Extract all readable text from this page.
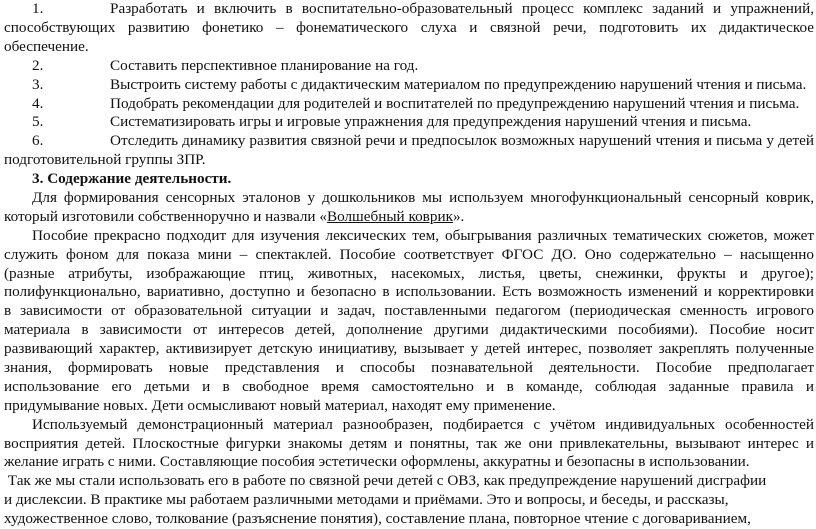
1.	Разработать и включить в воспитательно-образовательный процесс комплекс заданий и упражнений,
способствующих развитию фонетико – фонематического слуха и связной речи, подготовить их дидактическое
обеспечение.
2.	Составить перспективное планирование на год.
3.	Выстроить систему работы с дидактическим материалом по предупреждению нарушений чтения и письма.
4.	Подобрать рекомендации для родителей и воспитателей по предупреждению нарушений чтения и письма.
5.	Систематизировать игры и игровые упражнения для предупреждения нарушений чтения и письма.
6.	Отследить динамику развития связной речи и предпосылок возможных нарушений чтения и письма у детей
подготовительной группы ЗПР.
3. Содержание деятельности.
Для формирования сенсорных эталонов у дошкольников мы используем многофункциональный сенсорный коврик,
который изготовили собственноручно и назвали «Волшебный коврик».
Пособие прекрасно подходит для изучения лексических тем, обыгрывания различных тематических сюжетов, может
служить фоном для показа мини – спектаклей. Пособие соответствует ФГОС ДО. Оно содержательно – насыщенно
(разные атрибуты, изображающие птиц, животных, насекомых, листья, цветы, снежинки, фрукты и другое);
полифункционально, вариативно, доступно и безопасно в использовании. Есть возможность изменений и корректировки
в зависимости от образовательной ситуации и задач, поставленными педагогом (периодическая сменность игрового
материала в зависимости от интересов детей, дополнение другими дидактическими пособиями). Пособие носит
развивающий характер, активизирует детскую инициативу, вызывает у детей интерес, позволяет закреплять полученные
знания, формировать новые представления и способы познавательной деятельности. Пособие предполагает
использование его детьми и в свободное время самостоятельно и в команде, соблюдая заданные правила и
придумывание новых. Дети осмысливают новый материал, находят ему применение.
Используемый демонстрационный материал разнообразен, подбирается с учётом индивидуальных особенностей
восприятия детей. Плоскостные фигурки знакомы детям и понятны, так же они привлекательны, вызывают интерес и
желание играть с ними. Составляющие пособия эстетически оформлены, аккуратны и безопасны в использовании.
Так же мы стали использовать его в работе по связной речи детей с ОВЗ, как предупреждение нарушений дисграфии
и дислексии. В практике мы работаем различными методами и приёмами. Это и вопросы, и беседы, и рассказы,
художественное слово, толкование (разъяснение понятия), составление плана, повторное чтение с договариванием,
